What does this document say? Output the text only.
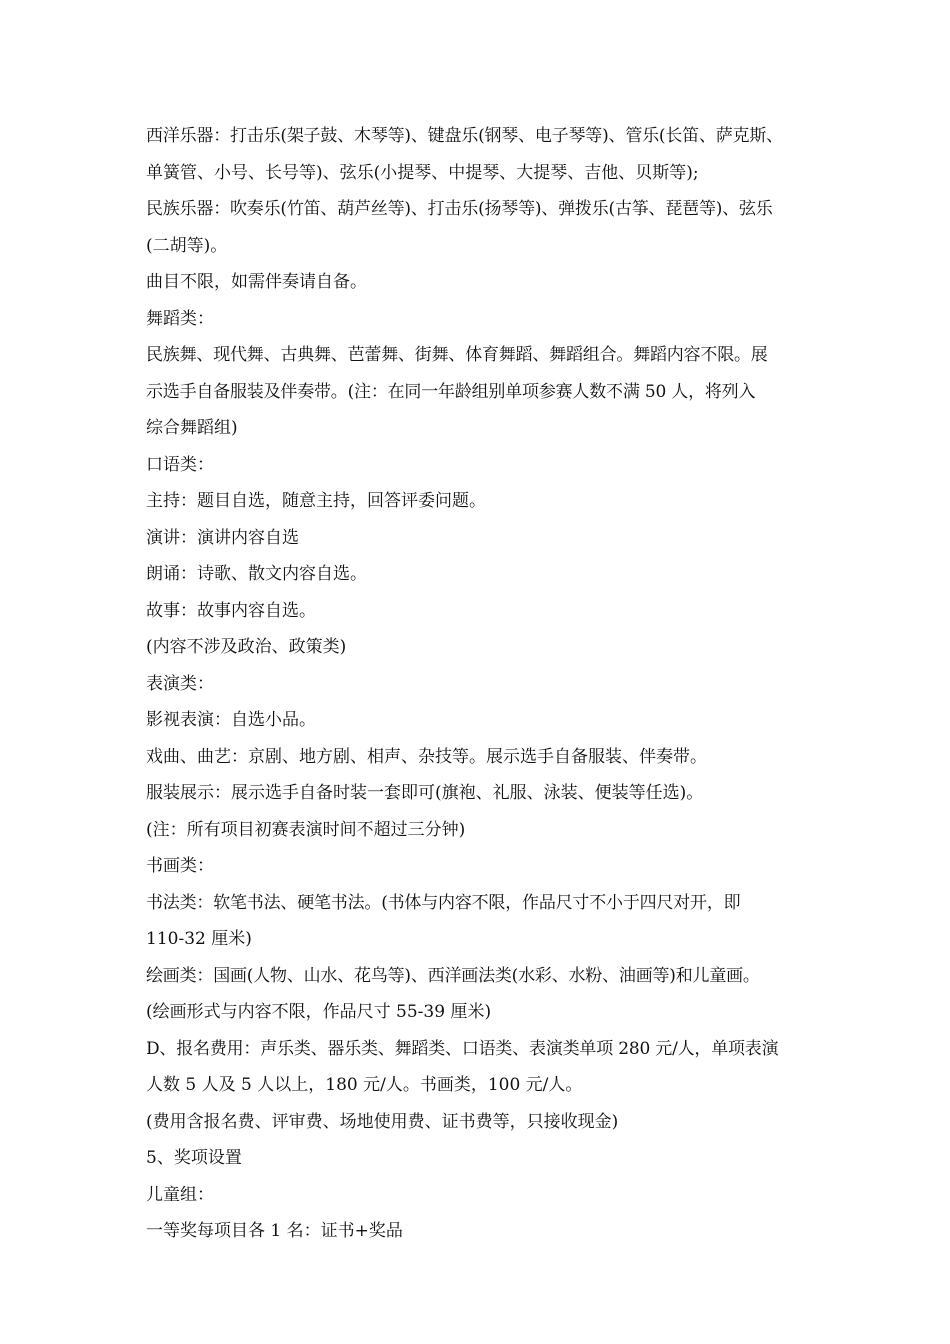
西洋乐器：打击乐(架子鼓、木琴等)、键盘乐(钢琴、电子琴等)、管乐(长笛、萨克斯、
单簧管、小号、长号等)、弦乐(小提琴、中提琴、大提琴、吉他、贝斯等);
民族乐器：吹奏乐(竹笛、葫芦丝等)、打击乐(扬琴等)、弹拨乐(古筝、琵琶等)、弦乐
(二胡等)。
曲目不限，如需伴奏请自备。
舞蹈类：
民族舞、现代舞、古典舞、芭蕾舞、街舞、体育舞蹈、舞蹈组合。舞蹈内容不限。展
示选手自备服装及伴奏带。(注：在同一年龄组别单项参赛人数不满 50 人，将列入
综合舞蹈组)
口语类：
主持：题目自选，随意主持，回答评委问题。
演讲：演讲内容自选
朗诵：诗歌、散文内容自选。
故事：故事内容自选。
(内容不涉及政治、政策类)
表演类：
影视表演：自选小品。
戏曲、曲艺：京剧、地方剧、相声、杂技等。展示选手自备服装、伴奏带。
服装展示：展示选手自备时装一套即可(旗袍、礼服、泳装、便装等任选)。
(注：所有项目初赛表演时间不超过三分钟)
书画类：
书法类：软笔书法、硬笔书法。(书体与内容不限，作品尺寸不小于四尺对开，即
110-32 厘米)
绘画类：国画(人物、山水、花鸟等)、西洋画法类(水彩、水粉、油画等)和儿童画。
(绘画形式与内容不限，作品尺寸 55-39 厘米)
D、报名费用：声乐类、器乐类、舞蹈类、口语类、表演类单项 280 元/人，单项表演
人数 5 人及 5 人以上，180 元/人。书画类，100 元/人。
(费用含报名费、评审费、场地使用费、证书费等，只接收现金)
5、奖项设置
儿童组：
一等奖每项目各 1 名：证书+奖品
